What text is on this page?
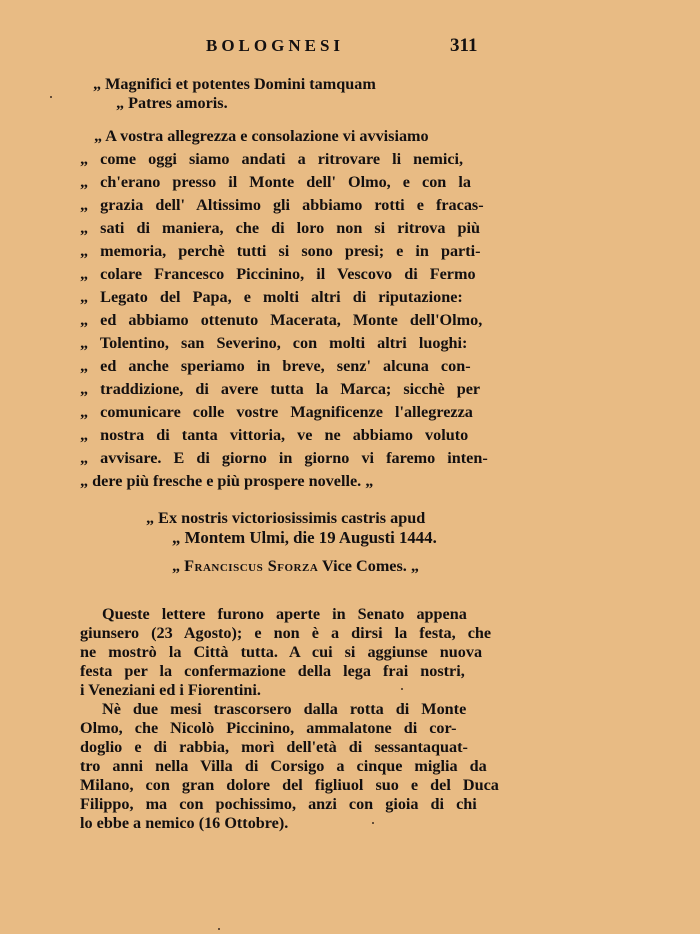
BOLOGNESI	311
„ Magnifici et potentes Domini tamquam
„ Patres amoris.
„ A vostra allegrezza e consolazione vi avvisiamo
„ come oggi siamo andati a ritrovare li nemici,
„ ch'erano presso il Monte dell' Olmo, e con la
„ grazia dell' Altissimo gli abbiamo rotti e fracas-
„ sati di maniera, che di loro non si ritrova più
„ memoria, perchè tutti si sono presi; e in parti-
„ colare Francesco Piccinino, il Vescovo di Fermo
„ Legato del Papa, e molti altri di riputazione:
„ ed abbiamo ottenuto Macerata, Monte dell'Olmo,
„ Tolentino, san Severino, con molti altri luoghi:
„ ed anche speriamo in breve, senz' alcuna con-
„ traddizione, di avere tutta la Marca; sicchè per
„ comunicare colle vostre Magnificenze l'allegrezza
„ nostra di tanta vittoria, ve ne abbiamo voluto
„ avvisare. E di giorno in giorno vi faremo inten-
„ dere più fresche e più prospere novelle. „
„ Ex nostris victoriosissimis castris apud
„ Montem Ulmi, die 19 Augusti 1444.
„ Franciscus Sforza Vice Comes. „
Queste lettere furono aperte in Senato appena
giunsero (23 Agosto); e non è a dirsi la festa, che
ne mostrò la Città tutta. A cui si aggiunse nuova
festa per la confermazione della lega frai nostri,
i Veneziani ed i Fiorentini.
Nè due mesi trascorsero dalla rotta di Monte
Olmo, che Nicolò Piccinino, ammalatone di cor-
doglio e di rabbia, morì dell'età di sessantaquat-
tro anni nella Villa di Corsigo a cinque miglia da
Milano, con gran dolore del figliuol suo e del Duca
Filippo, ma con pochissimo, anzi con gioia di chi
lo ebbe a nemico (16 Ottobre).
